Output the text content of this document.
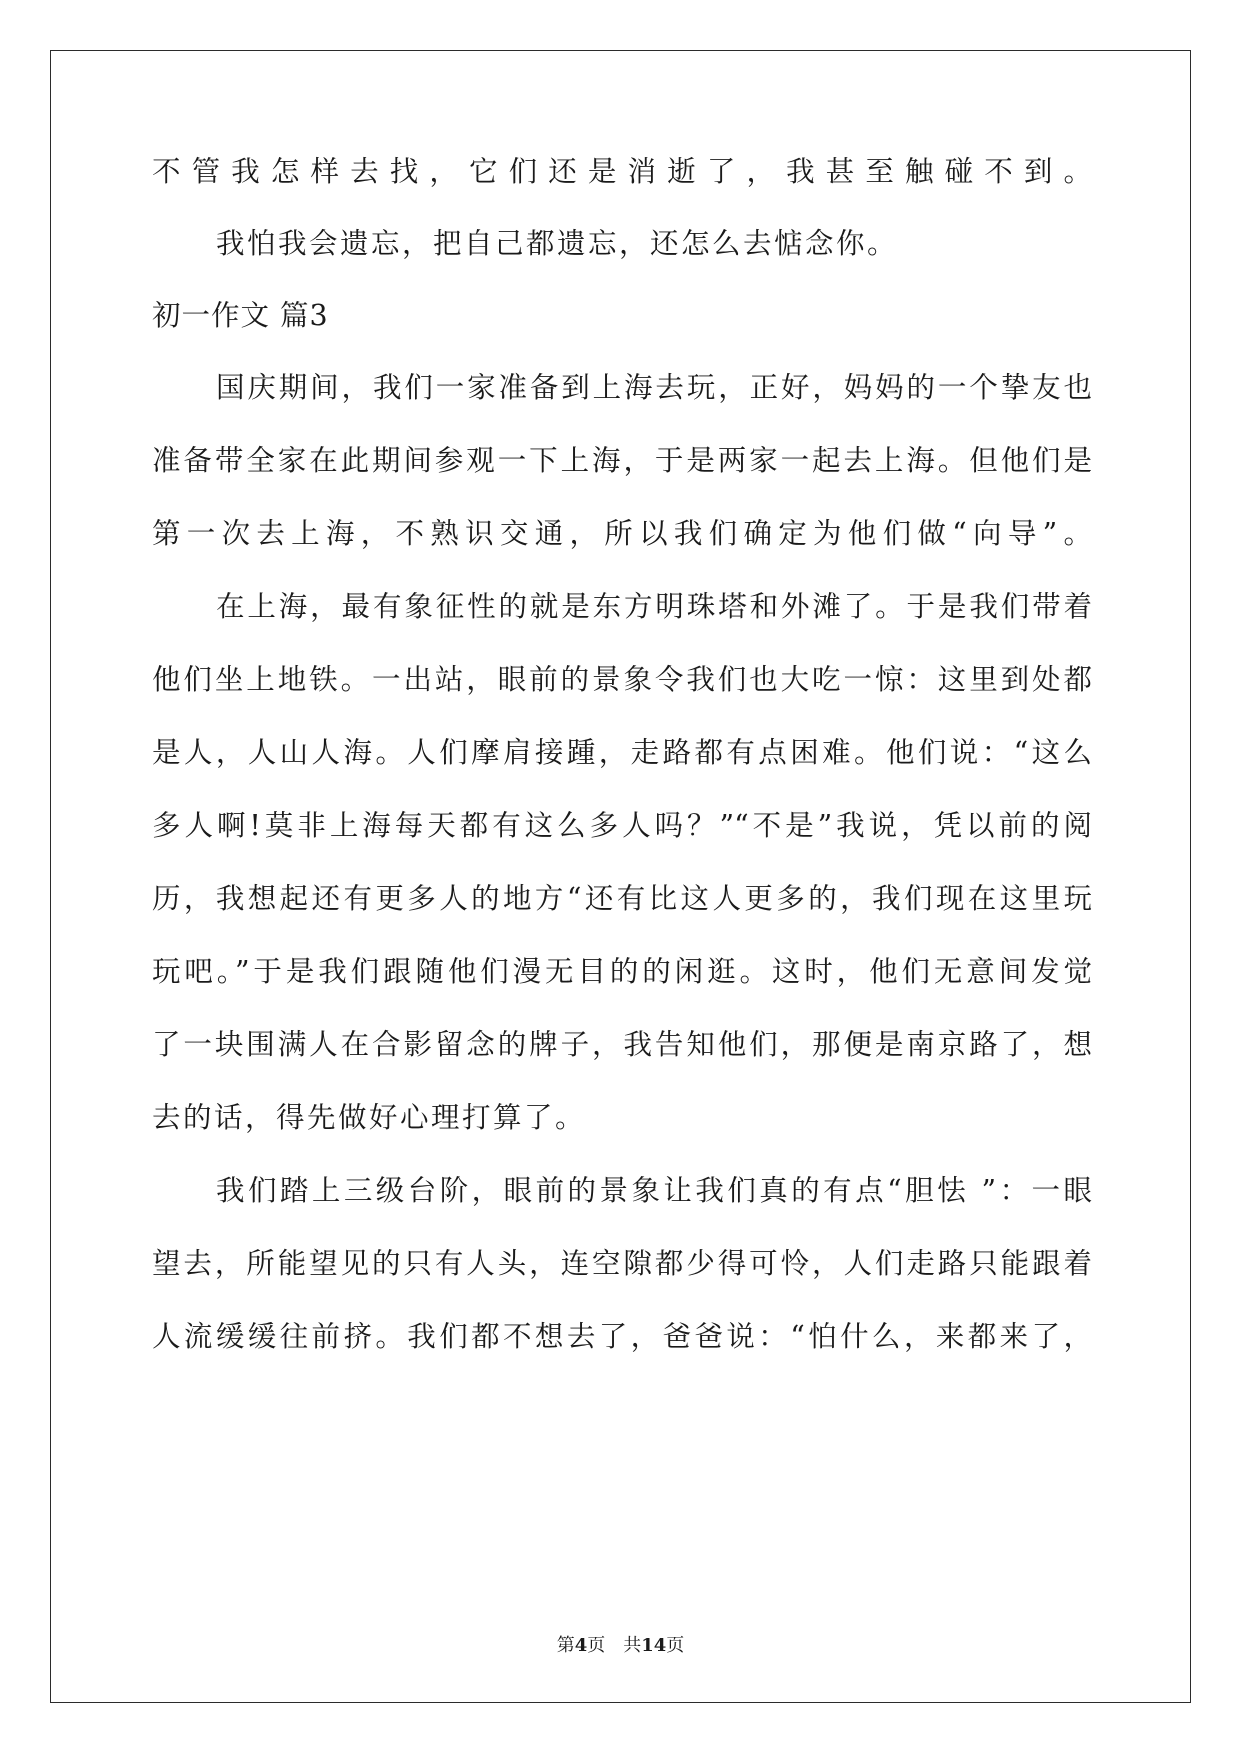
不管我怎样去找，它们还是消逝了，我甚至触碰不到。
我怕我会遗忘，把自己都遗忘，还怎么去惦念你。
初一作文 篇3
国庆期间，我们一家准备到上海去玩，正好，妈妈的一个挚友也
准备带全家在此期间参观一下上海，于是两家一起去上海。但他们是
第一次去上海，不熟识交通，所以我们确定为他们做“向导”。
在上海，最有象征性的就是东方明珠塔和外滩了。于是我们带着
他们坐上地铁。一出站，眼前的景象令我们也大吃一惊：这里到处都
是人，人山人海。人们摩肩接踵，走路都有点困难。他们说：“这么
多人啊!莫非上海每天都有这么多人吗？”“不是”我说，凭以前的阅
历，我想起还有更多人的地方“还有比这人更多的，我们现在这里玩
玩吧。”于是我们跟随他们漫无目的的闲逛。这时，他们无意间发觉
了一块围满人在合影留念的牌子，我告知他们，那便是南京路了，想
去的话，得先做好心理打算了。
我们踏上三级台阶，眼前的景象让我们真的有点“胆怯 ”：一眼
望去，所能望见的只有人头，连空隙都少得可怜，人们走路只能跟着
人流缓缓往前挤。我们都不想去了，爸爸说：“怕什么，来都来了，
第4页　共14页
